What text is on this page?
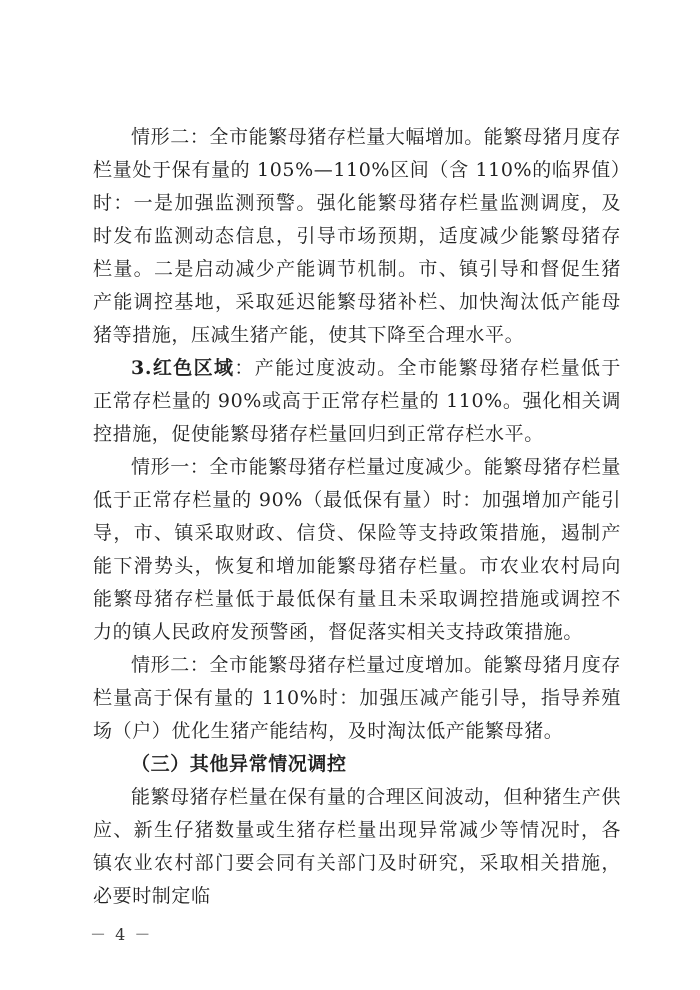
情形二：全市能繁母猪存栏量大幅增加。能繁母猪月度存栏量处于保有量的 105%—110%区间（含 110%的临界值）时：一是加强监测预警。强化能繁母猪存栏量监测调度，及时发布监测动态信息，引导市场预期，适度减少能繁母猪存栏量。二是启动减少产能调节机制。市、镇引导和督促生猪产能调控基地，采取延迟能繁母猪补栏、加快淘汰低产能母猪等措施，压减生猪产能，使其下降至合理水平。

3.红色区域：产能过度波动。全市能繁母猪存栏量低于正常存栏量的 90%或高于正常存栏量的 110%。强化相关调控措施，促使能繁母猪存栏量回归到正常存栏水平。

情形一：全市能繁母猪存栏量过度减少。能繁母猪存栏量低于正常存栏量的 90%（最低保有量）时：加强增加产能引导，市、镇采取财政、信贷、保险等支持政策措施，遏制产能下滑势头，恢复和增加能繁母猪存栏量。市农业农村局向能繁母猪存栏量低于最低保有量且未采取调控措施或调控不力的镇人民政府发预警函，督促落实相关支持政策措施。

情形二：全市能繁母猪存栏量过度增加。能繁母猪月度存栏量高于保有量的 110%时：加强压减产能引导，指导养殖场（户）优化生猪产能结构，及时淘汰低产能繁母猪。

（三）其他异常情况调控

能繁母猪存栏量在保有量的合理区间波动，但种猪生产供应、新生仔猪数量或生猪存栏量出现异常减少等情况时，各镇农业农村部门要会同有关部门及时研究，采取相关措施，必要时制定临

－ 4 －
